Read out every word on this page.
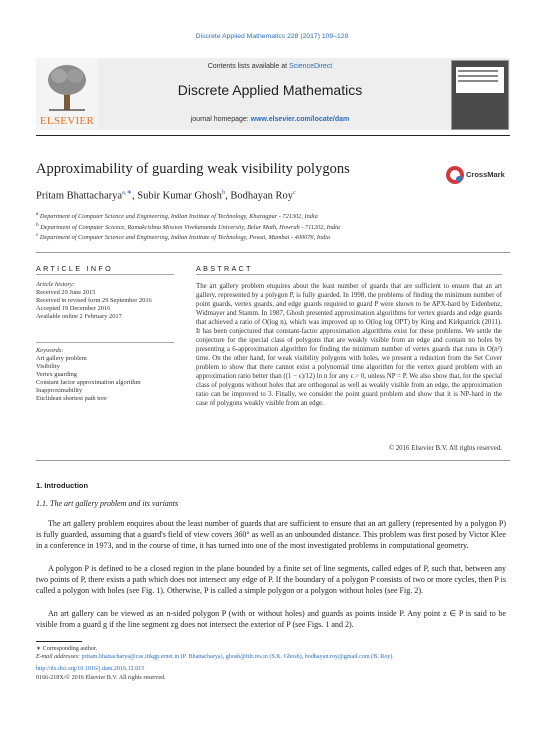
Discrete Applied Mathematics 228 (2017) 109–129
ELSEVIER
Contents lists available at ScienceDirect
Discrete Applied Mathematics
journal homepage: www.elsevier.com/locate/dam
Approximability of guarding weak visibility polygons	CrossMark
Pritam Bhattacharya$^{a,∗}$, Subir Kumar Ghosh$^b$, Bodhayan Roy$^c$
$^a$ Department of Computer Science and Engineering, Indian Institute of Technology, Kharagpur - 721302, India
$^b$ Department of Computer Science, Ramakrishna Mission Vivekananda University, Belur Math, Howrah - 711202, India
$^c$ Department of Computer Science and Engineering, Indian Institute of Technology, Powai, Mumbai - 400076, India
ARTICLE INFO
Article history:
Received 29 June 2015
Received in revised form 29 September 2016
Accepted 19 December 2016
Available online 2 February 2017
Keywords:
Art gallery problem
Visibility
Vertex guarding
Constant factor approximation algorithm
Inapproximability
Euclidean shortest path tree
ABSTRACT
The art gallery problem enquires about the least number of guards that are sufficient to ensure that an art gallery, represented by a polygon P, is fully guarded. In 1998, the problems of finding the minimum number of point guards, vertex guards, and edge guards required to guard P were shown to be APX-hard by Eidenbenz, Widmayer and Stamm. In 1987, Ghosh presented approximation algorithms for vertex guards and edge guards that achieved a ratio of O(log n), which was improved up to O(log log OPT) by King and Kirkpatrick (2011). It has been conjectured that constant-factor approximation algorithms exist for these problems. We settle the conjecture for the special class of polygons that are weakly visible from an edge and contain no holes by presenting a 6-approximation algorithm for finding the minimum number of vertex guards that runs in O(n²) time. On the other hand, for weak visibility polygons with holes, we present a reduction from the Set Cover problem to show that there cannot exist a polynomial time algorithm for the vertex guard problem with an approximation ratio better than ((1 − ϵ)/12) ln n for any ϵ > 0, unless NP = P. We also show that, for the special class of polygons without holes that are orthogonal as well as weakly visible from an edge, the approximation ratio can be improved to 3. Finally, we consider the point guard problem and show that it is NP-hard in the case of polygons weakly visible from an edge.
© 2016 Elsevier B.V. All rights reserved.
1. Introduction
1.1. The art gallery problem and its variants
The art gallery problem enquires about the least number of guards that are sufficient to ensure that an art gallery (represented by a polygon P) is fully guarded, assuming that a guard's field of view covers 360° as well as an unbounded distance. This problem was first posed by Victor Klee in a conference in 1973, and in the course of time, it has turned into one of the most investigated problems in computational geometry.
A polygon P is defined to be a closed region in the plane bounded by a finite set of line segments, called edges of P, such that, between any two points of P, there exists a path which does not intersect any edge of P. If the boundary of a polygon P consists of two or more cycles, then P is called a polygon with holes (see Fig. 1). Otherwise, P is called a simple polygon or a polygon without holes (see Fig. 2).
An art gallery can be viewed as an n-sided polygon P (with or without holes) and guards as points inside P. Any point z ∈ P is said to be visible from a guard g if the line segment zg does not intersect the exterior of P (see Figs. 1 and 2).
∗ Corresponding author.
E-mail addresses: pritam.bhattacharya@cse.iitkgp.ernet.in (P. Bhattacharya), ghosh@tifr.res.in (S.K. Ghosh), bodhayan.roy@gmail.com (B. Roy).
http://dx.doi.org/10.1016/j.dam.2016.12.015
0166-218X/© 2016 Elsevier B.V. All rights reserved.
